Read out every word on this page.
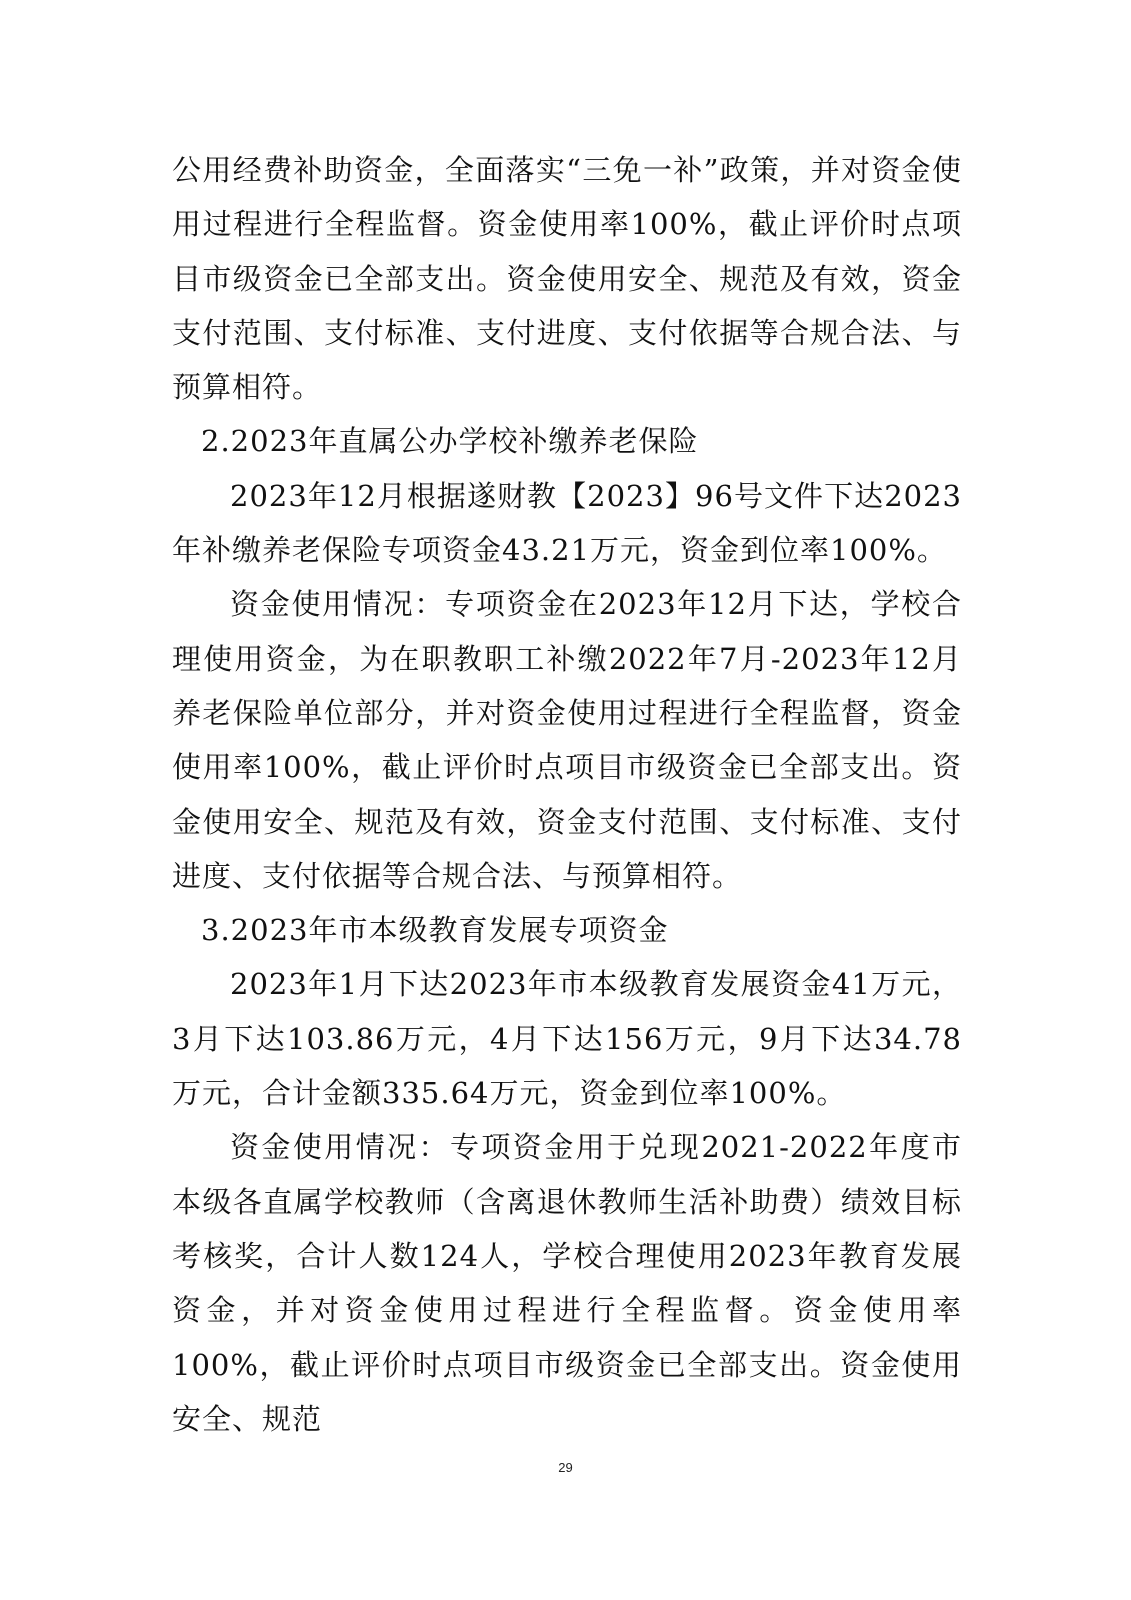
公用经费补助资金，全面落实“三免一补”政策，并对资金使用过程进行全程监督。资金使用率100%，截止评价时点项目市级资金已全部支出。资金使用安全、规范及有效，资金支付范围、支付标准、支付进度、支付依据等合规合法、与预算相符。

2.2023年直属公办学校补缴养老保险

2023年12月根据遂财教【2023】96号文件下达2023年补缴养老保险专项资金43.21万元，资金到位率100%。

资金使用情况：专项资金在2023年12月下达，学校合理使用资金，为在职教职工补缴2022年7月-2023年12月养老保险单位部分，并对资金使用过程进行全程监督，资金使用率100%，截止评价时点项目市级资金已全部支出。资金使用安全、规范及有效，资金支付范围、支付标准、支付进度、支付依据等合规合法、与预算相符。

3.2023年市本级教育发展专项资金

2023年1月下达2023年市本级教育发展资金41万元，3月下达103.86万元，4月下达156万元，9月下达34.78万元，合计金额335.64万元，资金到位率100%。

资金使用情况：专项资金用于兑现2021-2022年度市本级各直属学校教师（含离退休教师生活补助费）绩效目标考核奖，合计人数124人，学校合理使用2023年教育发展资金，并对资金使用过程进行全程监督。资金使用率100%，截止评价时点项目市级资金已全部支出。资金使用安全、规范

29
